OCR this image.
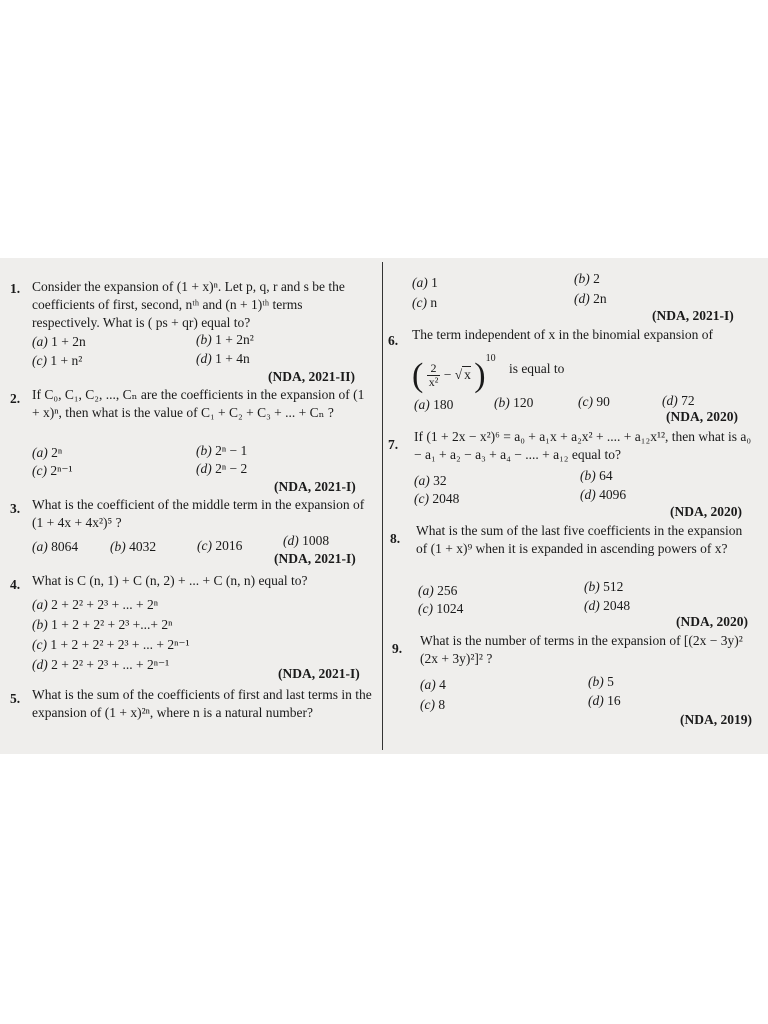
1. Consider the expansion of (1 + x)ⁿ. Let p, q, r and s be the coefficients of first, second, nᵗʰ and (n + 1)ᵗʰ terms respectively. What is ( ps + qr) equal to?
(a) 1 + 2n	(b) 1 + 2n²
(c) 1 + n²	(d) 1 + 4n
(NDA, 2021-II)
2. If C₀, C₁, C₂, ..., Cₙ are the coefficients in the expansion of (1 + x)ⁿ, then what is the value of C₁ + C₂ + C₃ + ... + Cₙ ?
(a) 2ⁿ	(b) 2ⁿ − 1
(c) 2ⁿ⁻¹	(d) 2ⁿ − 2
(NDA, 2021-I)
3. What is the coefficient of the middle term in the expansion of (1 + 4x + 4x²)⁵ ?
(a) 8064 (b) 4032	(c) 2016	(d) 1008
(NDA, 2021-I)
4. What is C (n, 1) + C (n, 2) + ... + C (n, n) equal to?
(a) 2 + 2² + 2³ + ... + 2ⁿ
(b) 1 + 2 + 2² + 2³ +...+ 2ⁿ
(c) 1 + 2 + 2² + 2³ + ... + 2ⁿ⁻¹
(d) 2 + 2² + 2³ + ... + 2ⁿ⁻¹
(NDA, 2021-I)
5. What is the sum of the coefficients of first and last terms in the expansion of (1 + x)²ⁿ, where n is a natural number?
(a) 1	(b) 2
(c) n	(d) 2n
(NDA, 2021-I)
6. The term independent of x in the binomial expansion of
( $\frac{2}{\text{x²}}$ − √ x )$^{10}$ is equal to
(a) 180	(b) 120	(c) 90	(d) 72
(NDA, 2020)
7.
If (1 + 2x − x²)⁶ = a₀ + a₁x + a₂x² + .... + a₁₂x¹², then what is a₀ − a₁ + a₂ − a₃ + a₄ − .... + a₁₂ equal to?
(a) 32	(b) 64
(c) 2048	(d) 4096
(NDA, 2020)
8.
What is the sum of the last five coefficients in the expansion of (1 + x)⁹ when it is expanded in ascending powers of x?
(a) 256	(b) 512
(c) 1024	(d) 2048
(NDA, 2020)
9.
What is the number of terms in the expansion of [(2x − 3y)² (2x + 3y)²]² ?
(a) 4	(b) 5
(c) 8	(d) 16
(NDA, 2019)
